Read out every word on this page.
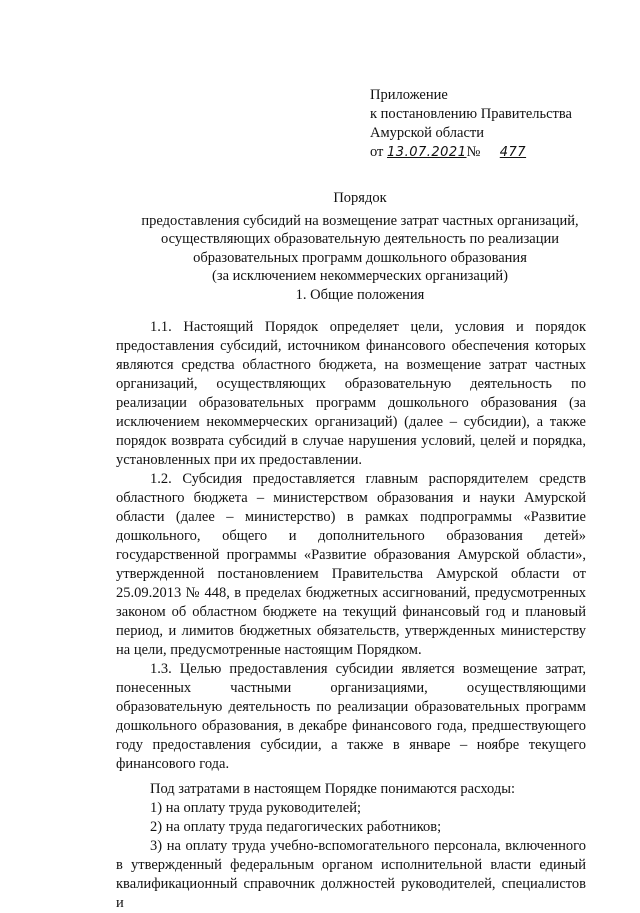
Приложение
к постановлению Правительства
Амурской области
от 13.07.2021№ 477
Порядок
предоставления субсидий на возмещение затрат частных организаций,
осуществляющих образовательную деятельность по реализации
образовательных программ дошкольного образования
(за исключением некоммерческих организаций)
1. Общие положения

1.1. Настоящий Порядок определяет цели, условия и порядок предоставления субсидий, источником финансового обеспечения которых являются средства областного бюджета, на возмещение затрат частных организаций, осуществляющих образовательную деятельность по реализации образовательных программ дошкольного образования (за исключением некоммерческих организаций) (далее – субсидии), а также порядок возврата субсидий в случае нарушения условий, целей и порядка, установленных при их предоставлении.

1.2. Субсидия предоставляется главным распорядителем средств областного бюджета – министерством образования и науки Амурской области (далее – министерство) в рамках подпрограммы «Развитие дошкольного, общего и дополнительного образования детей» государственной программы «Развитие образования Амурской области», утвержденной постановлением Правительства Амурской области от 25.09.2013 № 448, в пределах бюджетных ассигнований, предусмотренных законом об областном бюджете на текущий финансовый год и плановый период, и лимитов бюджетных обязательств, утвержденных министерству на цели, предусмотренные настоящим Порядком.

1.3. Целью предоставления субсидии является возмещение затрат, понесенных частными организациями, осуществляющими образовательную деятельность по реализации образовательных программ дошкольного образования, в декабре финансового года, предшествующего году предоставления субсидии, а также в январе – ноябре текущего финансового года.

Под затратами в настоящем Порядке понимаются расходы:

1) на оплату труда руководителей;

2) на оплату труда педагогических работников;

3) на оплату труда учебно-вспомогательного персонала, включенного в утвержденный федеральным органом исполнительной власти единый квалификационный справочник должностей руководителей, специалистов и
